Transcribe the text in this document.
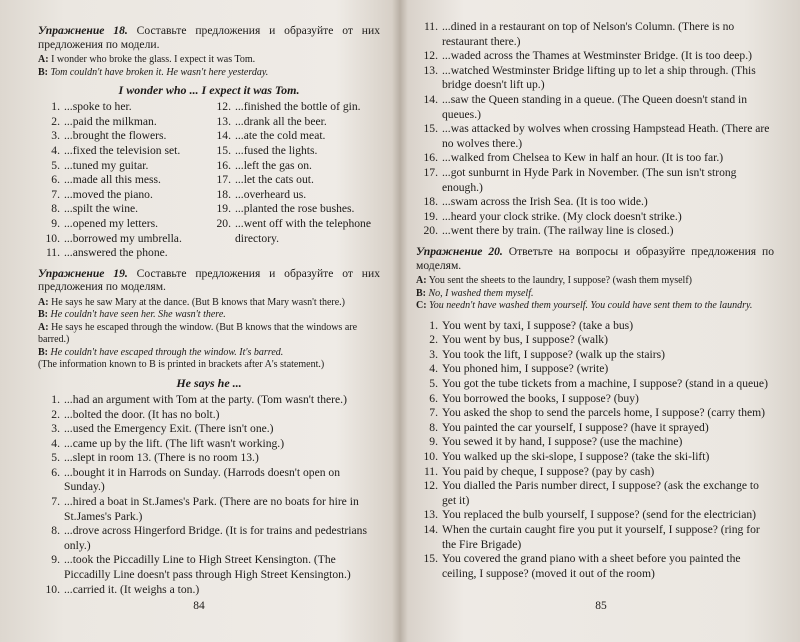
Упражнение 18. Составьте предложения и образуйте от них предложения по модели.

A: I wonder who broke the glass. I expect it was Tom.

B: Tom couldn't have broken it. He wasn't here yesterday.

I wonder who ... I expect it was Tom.
1. ...spoke to her.
2. ...paid the milkman.
3. ...brought the flowers.
4. ...fixed the television set.
5. ...tuned my guitar.
6. ...made all this mess.
7. ...moved the piano.
8. ...spilt the wine.
9. ...opened my letters.
10. ...borrowed my umbrella.
11. ...answered the phone.
12. ...finished the bottle of gin.
13. ...drank all the beer.
14. ...ate the cold meat.
15. ...fused the lights.
16. ...left the gas on.
17. ...let the cats out.
18. ...overheard us.
19. ...planted the rose bushes.
20. ...went off with the telephone directory.

Упражнение 19. Составьте предложения и образуйте от них предложения по моделям.

A: He says he saw Mary at the dance. (But B knows that Mary wasn't there.)

B: He couldn't have seen her. She wasn't there.

A: He says he escaped through the window. (But B knows that the windows are barred.)

B: He couldn't have escaped through the window. It's barred.

(The information known to B is printed in brackets after A's statement.)

He says he ...
1. ...had an argument with Tom at the party. (Tom wasn't there.)
2. ...bolted the door. (It has no bolt.)
3. ...used the Emergency Exit. (There isn't one.)
4. ...came up by the lift. (The lift wasn't working.)
5. ...slept in room 13. (There is no room 13.)
6. ...bought it in Harrods on Sunday. (Harrods doesn't open on Sunday.)
7. ...hired a boat in St.James's Park. (There are no boats for hire in St.James's Park.)
8. ...drove across Hingerford Bridge. (It is for trains and pedestrians only.)
9. ...took the Piccadilly Line to High Street Kensington. (The Piccadilly Line doesn't pass through High Street Kensington.)
10. ...carried it. (It weighs a ton.)
84
11. ...dined in a restaurant on top of Nelson's Column. (There is no restaurant there.)
12. ...waded across the Thames at Westminster Bridge. (It is too deep.)
13. ...watched Westminster Bridge lifting up to let a ship through. (This bridge doesn't lift up.)
14. ...saw the Queen standing in a queue. (The Queen doesn't stand in queues.)
15. ...was attacked by wolves when crossing Hampstead Heath. (There are no wolves there.)
16. ...walked from Chelsea to Kew in half an hour. (It is too far.)
17. ...got sunburnt in Hyde Park in November. (The sun isn't strong enough.)
18. ...swam across the Irish Sea. (It is too wide.)
19. ...heard your clock strike. (My clock doesn't strike.)
20. ...went there by train. (The railway line is closed.)

Упражнение 20. Ответьте на вопросы и образуйте предложения по моделям.

A: You sent the sheets to the laundry, I suppose? (wash them myself)

B: No, I washed them myself.

C: You needn't have washed them yourself. You could have sent them to the laundry.

1. You went by taxi, I suppose? (take a bus)
2. You went by bus, I suppose? (walk)
3. You took the lift, I suppose? (walk up the stairs)
4. You phoned him, I suppose? (write)
5. You got the tube tickets from a machine, I suppose? (stand in a queue)
6. You borrowed the books, I suppose? (buy)
7. You asked the shop to send the parcels home, I suppose? (carry them)
8. You painted the car yourself, I suppose? (have it sprayed)
9. You sewed it by hand, I suppose? (use the machine)
10. You walked up the ski-slope, I suppose? (take the ski-lift)
11. You paid by cheque, I suppose? (pay by cash)
12. You dialled the Paris number direct, I suppose? (ask the exchange to get it)
13. You replaced the bulb yourself, I suppose? (send for the electrician)
14. When the curtain caught fire you put it yourself, I suppose? (ring for the Fire Brigade)
15. You covered the grand piano with a sheet before you painted the ceiling, I suppose? (moved it out of the room)
85
